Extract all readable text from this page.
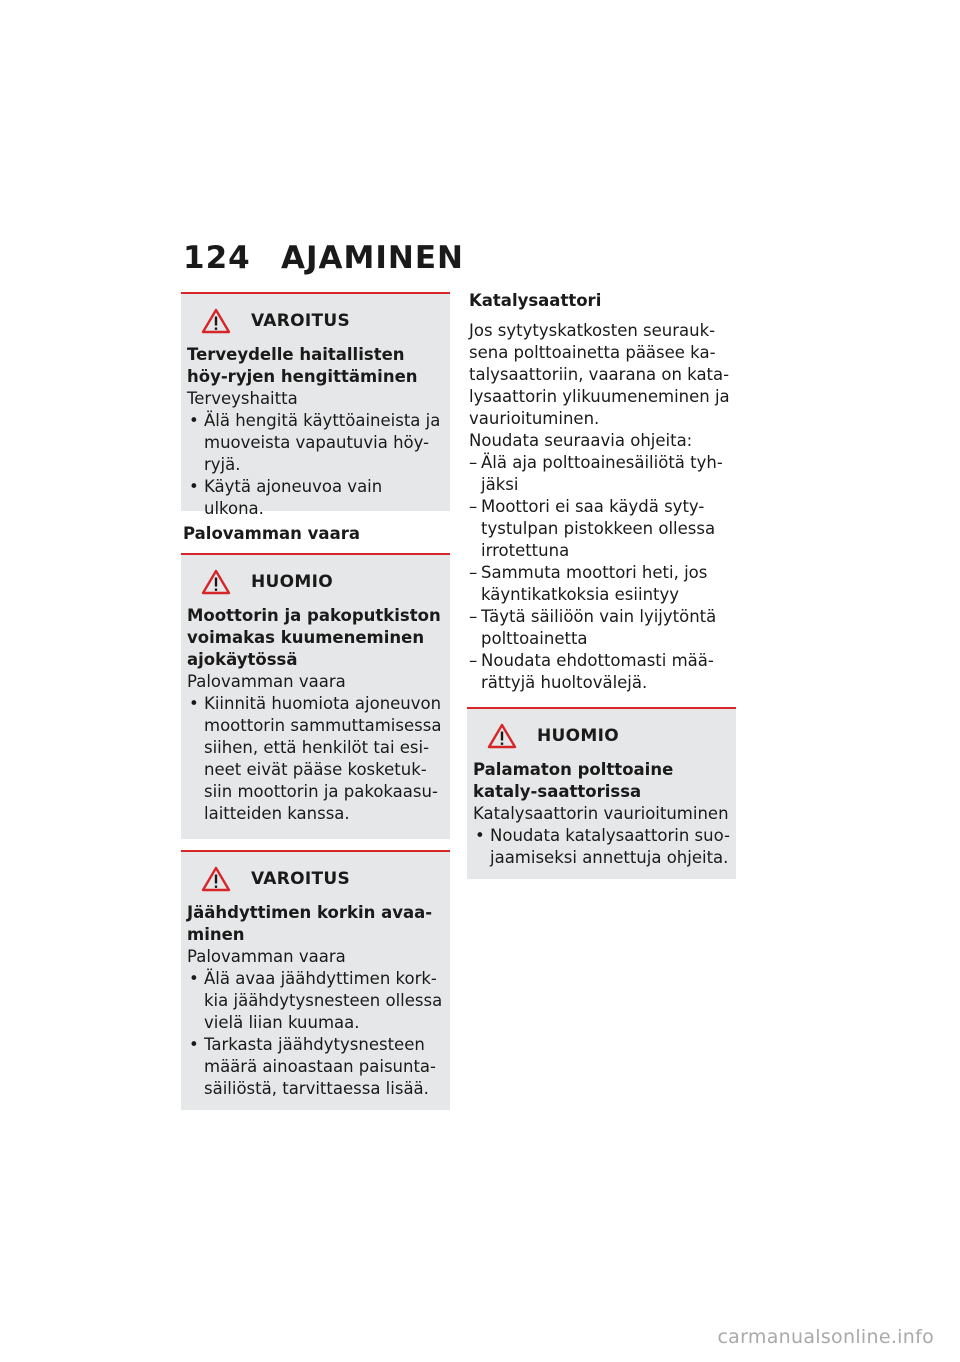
124 AJAMINEN
VAROITUS
Terveydelle haitallisten höy-ryjen hengittäminen
Terveyshaitta
• Älä hengitä käyttöaineista ja muoveista vapautuvia höy-ryjä.
• Käytä ajoneuvoa vain ulkona.
Palovamman vaara
HUOMIO
Moottorin ja pakoputkiston voimakas kuumeneminen ajokäytössä
Palovamman vaara
• Kiinnitä huomiota ajoneuvon moottorin sammuttamisessa siihen, että henkilöt tai esi-neet eivät pääse kosketuk-siin moottorin ja pakokaasu-laitteiden kanssa.
VAROITUS
Jäähdyttimen korkin avaa-minen
Palovamman vaara
• Älä avaa jäähdyttimen kork-kia jäähdytysnesteen ollessa vielä liian kuumaa.
• Tarkasta jäähdytysnesteen määrä ainoastaan paisunta-säiliöstä, tarvittaessa lisää.
Katalysaattori

Jos sytytyskatkosten seurauk-sena polttoainetta pääsee ka-talysaattoriin, vaarana on kata-lysaattorin ylikuumeneminen ja vaurioituminen.

Noudata seuraavia ohjeita:

– Älä aja polttoainesäiliötä tyh-jäksi
– Moottori ei saa käydä syty-tystulpan pistokkeen ollessa irrotettuna
– Sammuta moottori heti, jos käyntikatkoksia esiintyy
– Täytä säiliöön vain lyijytöntä polttoainetta
– Noudata ehdottomasti mää-rättyjä huoltovälejä.
HUOMIO
Palamaton polttoaine kataly-saattorissa
Katalysaattorin vaurioituminen
• Noudata katalysaattorin suo-jaamiseksi annettuja ohjeita.
carmanualsonline.info
